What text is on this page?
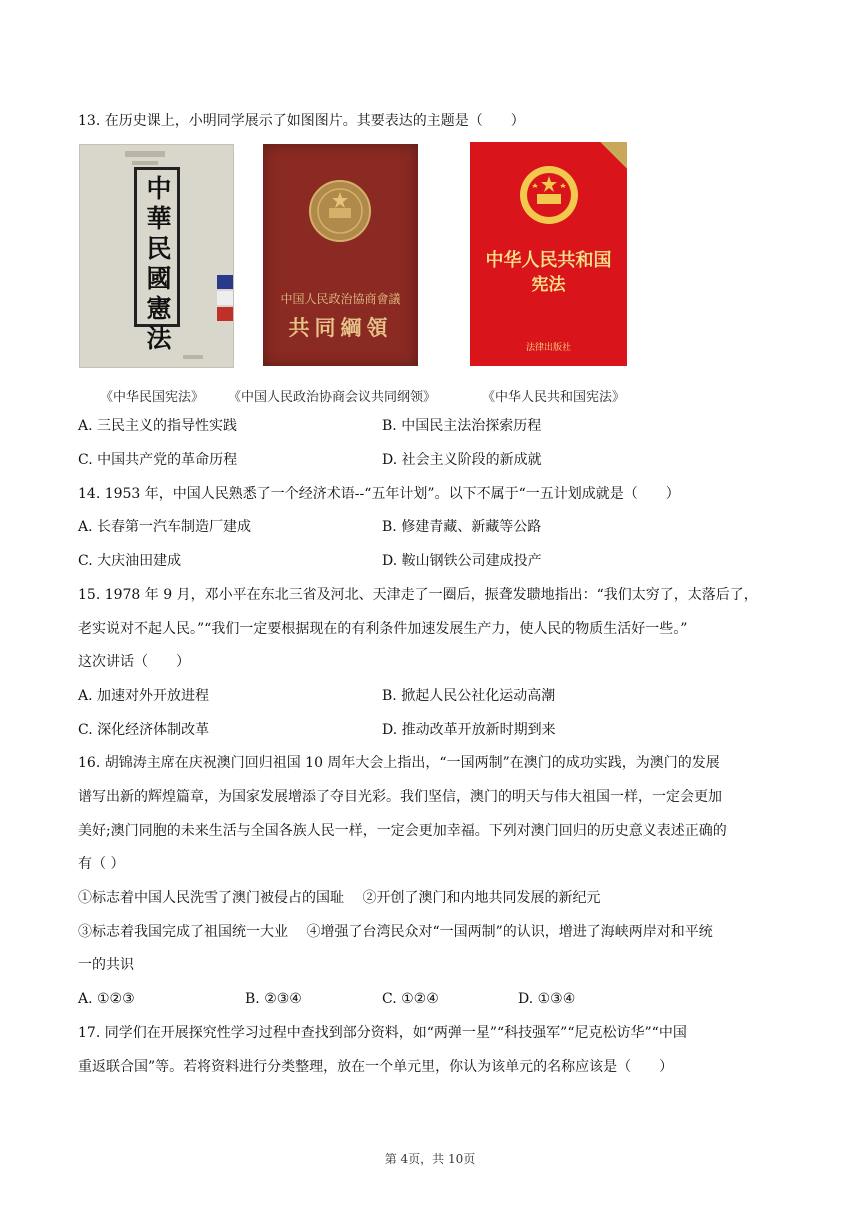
13. 在历史课上，小明同学展示了如图图片。其要表达的主题是（　　）
中華民國憲法	中国人民政治協商會議
共同綱領
中华人民共和国
宪法
法律出版社
《中华民国宪法》 《中国人民政治协商会议共同纲领》	《中华人民共和国宪法》
A. 三民主义的指导性实践	B. 中国民主法治探索历程
C. 中国共产党的革命历程	D. 社会主义阶段的新成就
14. 1953 年，中国人民熟悉了一个经济术语--“五年计划”。以下不属于“一五计划成就是（　　）
A. 长春第一汽车制造厂建成	B. 修建青藏、新藏等公路
C. 大庆油田建成	D. 鞍山钢铁公司建成投产
15. 1978 年 9 月，邓小平在东北三省及河北、天津走了一圈后，振聋发聩地指出：“我们太穷了，太落后了，
老实说对不起人民。”“我们一定要根据现在的有利条件加速发展生产力，使人民的物质生活好一些。”
这次讲话（　　）
A. 加速对外开放进程	B. 掀起人民公社化运动高潮
C. 深化经济体制改革	D. 推动改革开放新时期到来
16. 胡锦涛主席在庆祝澳门回归祖国 10 周年大会上指出，“一国两制”在澳门的成功实践，为澳门的发展
谱写出新的辉煌篇章，为国家发展增添了夺目光彩。我们坚信，澳门的明天与伟大祖国一样，一定会更加
美好;澳门同胞的未来生活与全国各族人民一样，一定会更加幸福。下列对澳门回归的历史意义表述正确的
有（ ）
①标志着中国人民洗雪了澳门被侵占的国耻　 ②开创了澳门和内地共同发展的新纪元
③标志着我国完成了祖国统一大业　 ④增强了台湾民众对“一国两制”的认识，增进了海峡两岸对和平统
一的共识
A. ①②③	B. ②③④	C. ①②④	D. ①③④
17. 同学们在开展探究性学习过程中查找到部分资料，如“两弹一星”“科技强军”“尼克松访华”“中国
重返联合国”等。若将资料进行分类整理，放在一个单元里，你认为该单元的名称应该是（　　）
第 4页，共 10页
